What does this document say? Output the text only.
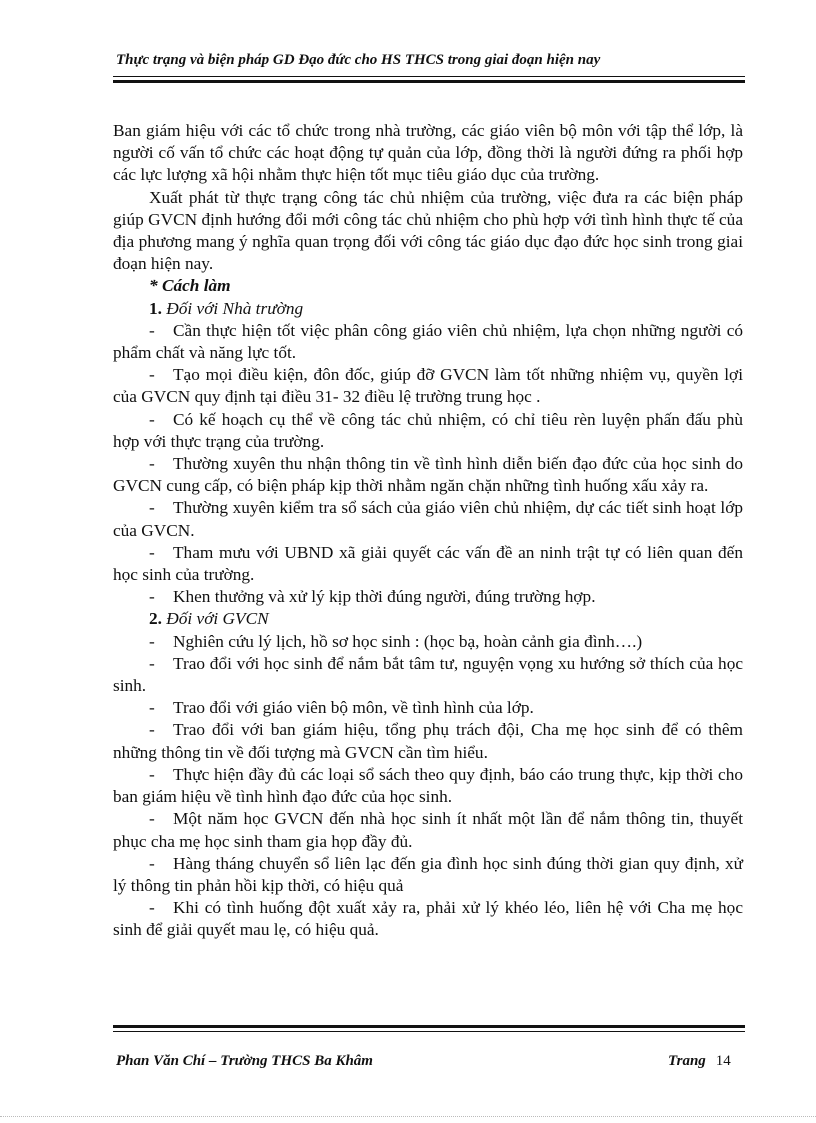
Thực trạng và biện pháp GD Đạo đức cho HS THCS trong giai đoạn hiện nay

Ban giám hiệu với các tổ chức trong nhà trường, các giáo viên bộ môn với tập thể lớp, là người cố vấn tổ chức các hoạt động tự quản của lớp, đồng thời là người đứng ra phối hợp các lực lượng xã hội nhằm thực hiện tốt mục tiêu giáo dục của trường.

Xuất phát từ thực trạng công tác chủ nhiệm của trường, việc đưa ra các biện pháp giúp GVCN định hướng đổi mới công tác chủ nhiệm cho phù hợp với tình hình thực tế của địa phương mang ý nghĩa quan trọng đối với công tác giáo dục đạo đức học sinh trong giai đoạn hiện nay.

* Cách làm

1. Đối với Nhà trường

- Cần thực hiện tốt việc phân công giáo viên chủ nhiệm, lựa chọn những người có phẩm chất và năng lực tốt.

- Tạo mọi điều kiện, đôn đốc, giúp đỡ GVCN làm tốt những nhiệm vụ, quyền lợi của GVCN quy định tại điều 31- 32 điều lệ trường trung học .

- Có kế hoạch cụ thể về công tác chủ nhiệm, có chỉ tiêu rèn luyện phấn đấu phù hợp với thực trạng của trường.

- Thường xuyên thu nhận thông tin về tình hình diễn biến đạo đức của học sinh do GVCN cung cấp, có biện pháp kịp thời nhằm ngăn chặn những tình huống xấu xảy ra.

- Thường xuyên kiểm tra sổ sách của giáo viên chủ nhiệm, dự các tiết sinh hoạt lớp của GVCN.

- Tham mưu với UBND xã giải quyết các vấn đề an ninh trật tự có liên quan đến học sinh của trường.

- Khen thưởng và xử lý kịp thời đúng người, đúng trường hợp.

2. Đối với GVCN

- Nghiên cứu lý lịch, hồ sơ học sinh : (học bạ, hoàn cảnh gia đình….)

- Trao đổi với học sinh để nắm bắt tâm tư, nguyện vọng xu hướng sở thích của học sinh.

- Trao đổi với giáo viên bộ môn, về tình hình của lớp.

- Trao đổi với ban giám hiệu, tổng phụ trách đội, Cha mẹ học sinh để có thêm những thông tin về đối tượng mà GVCN cần tìm hiểu.

- Thực hiện đầy đủ các loại sổ sách theo quy định, báo cáo trung thực, kịp thời cho ban giám hiệu về tình hình đạo đức của học sinh.

- Một năm học GVCN đến nhà học sinh ít nhất một lần để nắm thông tin, thuyết phục cha mẹ học sinh tham gia họp đầy đủ.

- Hàng tháng chuyển sổ liên lạc đến gia đình học sinh đúng thời gian quy định, xử lý thông tin phản hồi kịp thời, có hiệu quả

- Khi có tình huống đột xuất xảy ra, phải xử lý khéo léo, liên hệ với Cha mẹ học sinh để giải quyết mau lẹ, có hiệu quả.

Phan Văn Chí – Trường THCS Ba Khâm	Trang 14
